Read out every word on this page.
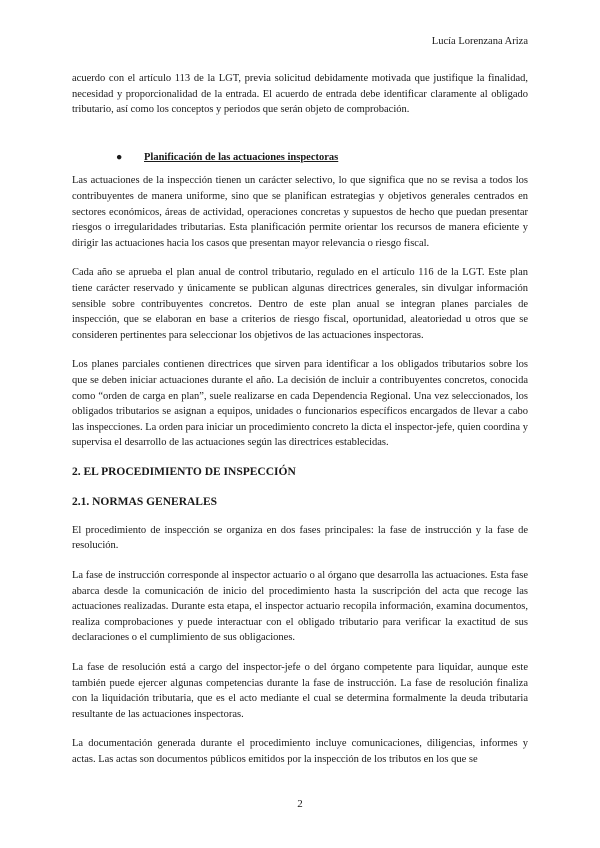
Lucía Lorenzana Ariza

acuerdo con el artículo 113 de la LGT, previa solicitud debidamente motivada que justifique la finalidad, necesidad y proporcionalidad de la entrada. El acuerdo de entrada debe identificar claramente al obligado tributario, así como los conceptos y periodos que serán objeto de comprobación.

● Planificación de las actuaciones inspectoras

Las actuaciones de la inspección tienen un carácter selectivo, lo que significa que no se revisa a todos los contribuyentes de manera uniforme, sino que se planifican estrategias y objetivos generales centrados en sectores económicos, áreas de actividad, operaciones concretas y supuestos de hecho que puedan presentar riesgos o irregularidades tributarias. Esta planificación permite orientar los recursos de manera eficiente y dirigir las actuaciones hacia los casos que presentan mayor relevancia o riesgo fiscal.

Cada año se aprueba el plan anual de control tributario, regulado en el artículo 116 de la LGT. Este plan tiene carácter reservado y únicamente se publican algunas directrices generales, sin divulgar información sensible sobre contribuyentes concretos. Dentro de este plan anual se integran planes parciales de inspección, que se elaboran en base a criterios de riesgo fiscal, oportunidad, aleatoriedad u otros que se consideren pertinentes para seleccionar los objetivos de las actuaciones inspectoras.

Los planes parciales contienen directrices que sirven para identificar a los obligados tributarios sobre los que se deben iniciar actuaciones durante el año. La decisión de incluir a contribuyentes concretos, conocida como “orden de carga en plan”, suele realizarse en cada Dependencia Regional. Una vez seleccionados, los obligados tributarios se asignan a equipos, unidades o funcionarios específicos encargados de llevar a cabo las inspecciones. La orden para iniciar un procedimiento concreto la dicta el inspector-jefe, quien coordina y supervisa el desarrollo de las actuaciones según las directrices establecidas.

2. EL PROCEDIMIENTO DE INSPECCIÓN
2.1. NORMAS GENERALES

El procedimiento de inspección se organiza en dos fases principales: la fase de instrucción y la fase de resolución.

La fase de instrucción corresponde al inspector actuario o al órgano que desarrolla las actuaciones. Esta fase abarca desde la comunicación de inicio del procedimiento hasta la suscripción del acta que recoge las actuaciones realizadas. Durante esta etapa, el inspector actuario recopila información, examina documentos, realiza comprobaciones y puede interactuar con el obligado tributario para verificar la exactitud de sus declaraciones o el cumplimiento de sus obligaciones.

La fase de resolución está a cargo del inspector-jefe o del órgano competente para liquidar, aunque este también puede ejercer algunas competencias durante la fase de instrucción. La fase de resolución finaliza con la liquidación tributaria, que es el acto mediante el cual se determina formalmente la deuda tributaria resultante de las actuaciones inspectoras.

La documentación generada durante el procedimiento incluye comunicaciones, diligencias, informes y actas. Las actas son documentos públicos emitidos por la inspección de los tributos en los que se

2
